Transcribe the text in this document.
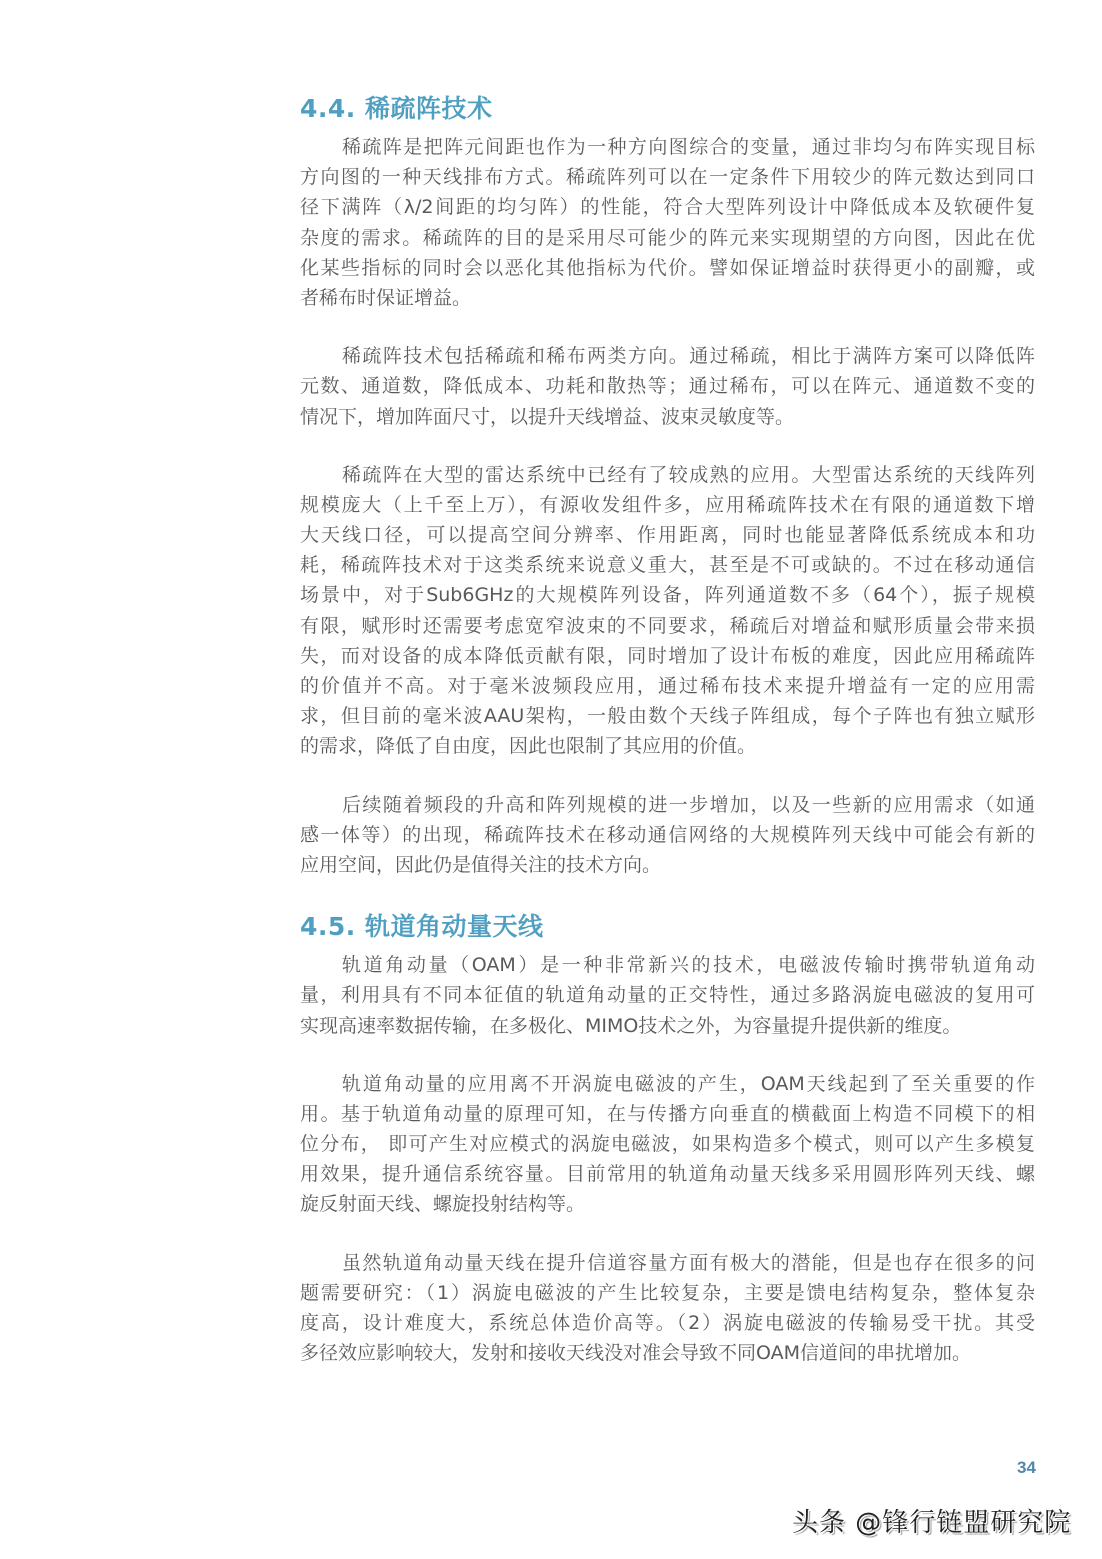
4.4. 稀疏阵技术
稀疏阵是把阵元间距也作为一种方向图综合的变量，通过非均匀布阵实现目标
方向图的一种天线排布方式。稀疏阵列可以在一定条件下用较少的阵元数达到同口
径下满阵（λ/2间距的均匀阵）的性能，符合大型阵列设计中降低成本及软硬件复
杂度的需求。稀疏阵的目的是采用尽可能少的阵元来实现期望的方向图，因此在优
化某些指标的同时会以恶化其他指标为代价。譬如保证增益时获得更小的副瓣，或
者稀布时保证增益。
稀疏阵技术包括稀疏和稀布两类方向。通过稀疏，相比于满阵方案可以降低阵
元数、通道数，降低成本、功耗和散热等；通过稀布，可以在阵元、通道数不变的
情况下，增加阵面尺寸，以提升天线增益、波束灵敏度等。
稀疏阵在大型的雷达系统中已经有了较成熟的应用。大型雷达系统的天线阵列
规模庞大（上千至上万），有源收发组件多，应用稀疏阵技术在有限的通道数下增
大天线口径，可以提高空间分辨率、作用距离，同时也能显著降低系统成本和功
耗，稀疏阵技术对于这类系统来说意义重大，甚至是不可或缺的。不过在移动通信
场景中，对于Sub6GHz的大规模阵列设备，阵列通道数不多（64个），振子规模
有限，赋形时还需要考虑宽窄波束的不同要求，稀疏后对增益和赋形质量会带来损
失，而对设备的成本降低贡献有限，同时增加了设计布板的难度，因此应用稀疏阵
的价值并不高。对于毫米波频段应用，通过稀布技术来提升增益有一定的应用需
求，但目前的毫米波AAU架构，一般由数个天线子阵组成，每个子阵也有独立赋形
的需求，降低了自由度，因此也限制了其应用的价值。
后续随着频段的升高和阵列规模的进一步增加，以及一些新的应用需求（如通
感一体等）的出现，稀疏阵技术在移动通信网络的大规模阵列天线中可能会有新的
应用空间，因此仍是值得关注的技术方向。
4.5. 轨道角动量天线
轨道角动量（OAM）是一种非常新兴的技术，电磁波传输时携带轨道角动
量，利用具有不同本征值的轨道角动量的正交特性，通过多路涡旋电磁波的复用可
实现高速率数据传输，在多极化、MIMO技术之外，为容量提升提供新的维度。
轨道角动量的应用离不开涡旋电磁波的产生，OAM天线起到了至关重要的作
用。基于轨道角动量的原理可知，在与传播方向垂直的横截面上构造不同模下的相
位分布， 即可产生对应模式的涡旋电磁波，如果构造多个模式，则可以产生多模复
用效果，提升通信系统容量。目前常用的轨道角动量天线多采用圆形阵列天线、螺
旋反射面天线、螺旋投射结构等。
虽然轨道角动量天线在提升信道容量方面有极大的潜能，但是也存在很多的问
题需要研究：（1）涡旋电磁波的产生比较复杂，主要是馈电结构复杂，整体复杂
度高，设计难度大，系统总体造价高等。（2）涡旋电磁波的传输易受干扰。其受
多径效应影响较大，发射和接收天线没对准会导致不同OAM信道间的串扰增加。
34
头条 @锋行链盟研究院
